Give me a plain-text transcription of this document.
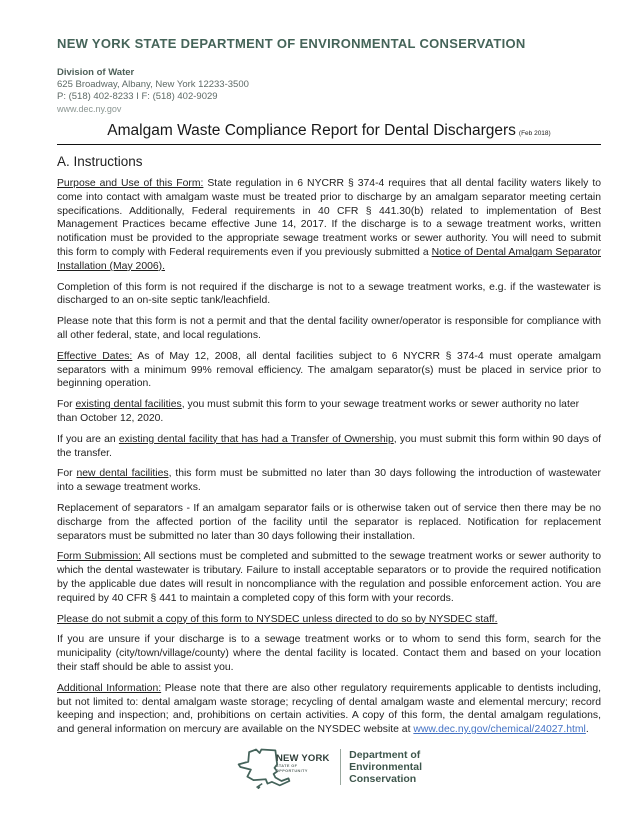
NEW YORK STATE DEPARTMENT OF ENVIRONMENTAL CONSERVATION
Division of Water
625 Broadway, Albany, New York 12233-3500
P: (518) 402-8233 I F: (518) 402-9029
www.dec.ny.gov
Amalgam Waste Compliance Report for Dental Dischargers (Feb 2018)
A. Instructions

Purpose and Use of this Form: State regulation in 6 NYCRR § 374-4 requires that all dental facility waters likely to come into contact with amalgam waste must be treated prior to discharge by an amalgam separator meeting certain specifications. Additionally, Federal requirements in 40 CFR § 441.30(b) related to implementation of Best Management Practices became effective June 14, 2017. If the discharge is to a sewage treatment works, written notification must be provided to the appropriate sewage treatment works or sewer authority. You will need to submit this form to comply with Federal requirements even if you previously submitted a Notice of Dental Amalgam Separator Installation (May 2006).

Completion of this form is not required if the discharge is not to a sewage treatment works, e.g. if the wastewater is discharged to an on-site septic tank/leachfield.

Please note that this form is not a permit and that the dental facility owner/operator is responsible for compliance with all other federal, state, and local regulations.

Effective Dates: As of May 12, 2008, all dental facilities subject to 6 NYCRR § 374-4 must operate amalgam separators with a minimum 99% removal efficiency. The amalgam separator(s) must be placed in service prior to beginning operation.

For existing dental facilities, you must submit this form to your sewage treatment works or sewer authority no later than October 12, 2020.

If you are an existing dental facility that has had a Transfer of Ownership, you must submit this form within 90 days of the transfer.

For new dental facilities, this form must be submitted no later than 30 days following the introduction of wastewater into a sewage treatment works.

Replacement of separators - If an amalgam separator fails or is otherwise taken out of service then there may be no discharge from the affected portion of the facility until the separator is replaced. Notification for replacement separators must be submitted no later than 30 days following their installation.

Form Submission: All sections must be completed and submitted to the sewage treatment works or sewer authority to which the dental wastewater is tributary. Failure to install acceptable separators or to provide the required notification by the applicable due dates will result in noncompliance with the regulation and possible enforcement action. You are required by 40 CFR § 441 to maintain a completed copy of this form with your records.

Please do not submit a copy of this form to NYSDEC unless directed to do so by NYSDEC staff.

If you are unsure if your discharge is to a sewage treatment works or to whom to send this form, search for the municipality (city/town/village/county) where the dental facility is located. Contact them and based on your location their staff should be able to assist you.

Additional Information: Please note that there are also other regulatory requirements applicable to dentists including, but not limited to: dental amalgam waste storage; recycling of dental amalgam waste and elemental mercury; record keeping and inspection; and, prohibitions on certain activities. A copy of this form, the dental amalgam regulations, and general information on mercury are available on the NYSDEC website at www.dec.ny.gov/chemical/24027.html.

NEW YORK
STATE OF
OPPORTUNITY
Department of
Environmental
Conservation
